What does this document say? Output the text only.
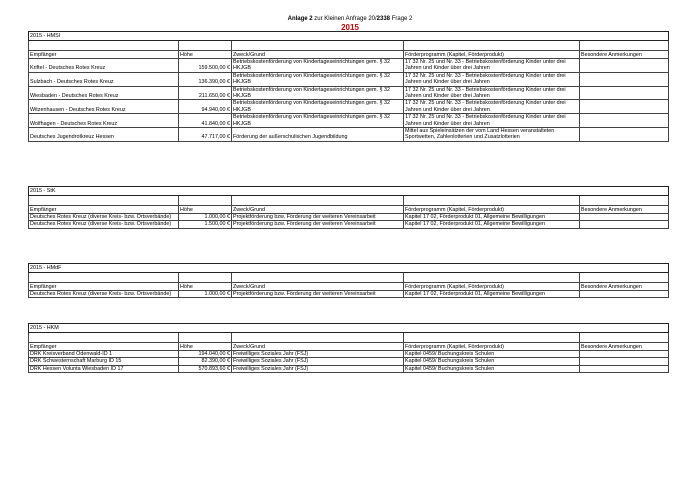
Anlage 2 zur Kleinen Anfrage 20/2338 Frage 2
2015
2015 - HMSI				

Empfänger	Höhe	Zweck/Grund	Förderprogramm (Kapitel, Förderprodukt)	Besondere Anmerkungen
Kriftel - Deutsches Rotes Kreuz	159.500,00 €	Betriebskostenförderung von Kindertageseinrichtungen gem. § 32 HKJGB	17 32 Nr. 25 und Nr. 33 - Betriebskostenförderung Kinder unter drei Jahren und Kinder über drei Jahren	
Sulzbach - Deutsches Rotes Kreuz	136.390,00 €	Betriebskostenförderung von Kindertageseinrichtungen gem. § 32 HKJGB	17 32 Nr. 25 und Nr. 33 - Betriebskostenförderung Kinder unter drei Jahren und Kinder über drei Jahren	
Wiesbaden - Deutsches Rotes Kreuz	211.650,00 €	Betriebskostenförderung von Kindertageseinrichtungen gem. § 32 HKJGB	17 32 Nr. 25 und Nr. 33 - Betriebskostenförderung Kinder unter drei Jahren und Kinder über drei Jahren	
Witzenhausen - Deutsches Rotes Kreuz	94.940,00 €	Betriebskostenförderung von Kindertageseinrichtungen gem. § 32 HKJGB	17 32 Nr. 25 und Nr. 33 - Betriebskostenförderung Kinder unter drei Jahren und Kinder über drei Jahren	
Wolfhagen - Deutsches Rotes Kreuz	41.840,00 €	Betriebskostenförderung von Kindertageseinrichtungen gem. § 32 HKJGB	17 32 Nr. 25 und Nr. 33 - Betriebskostenförderung Kinder unter drei Jahren und Kinder über drei Jahren	
Deutsches Jugendrotkreuz Hessen	47.717,00 €	Förderung der außerschulischen Jugendbildung	Mittel aus Spieleinsätzen der vom Land Hessen veranstalteten Sportwetten, Zahlenlotterien und Zusatzlotterien	
2015 - StK				

Empfänger	Höhe	Zweck/Grund	Förderprogramm (Kapitel, Förderprodukt)	Besondere Anmerkungen
Deutsches Rotes Kreuz (diverse Kreis- bzw. Ortsverbände)	1.000,00 €	Projektförderung bzw. Förderung der weiteren Vereinsarbeit	Kapitel 17 02, Förderprodukt 01, Allgemeine Bewilligungen	
Deutsches Rotes Kreuz (diverse Kreis- bzw. Ortsverbände)	1.500,00 €	Projektförderung bzw. Förderung der weiteren Vereinsarbeit	Kapitel 17 02, Förderprodukt 01, Allgemeine Bewilligungen	
2015 - HMdF				

Empfänger	Höhe	Zweck/Grund	Förderprogramm (Kapitel, Förderprodukt)	Besondere Anmerkungen
Deutsches Rotes Kreuz (diverse Kreis- bzw. Ortsverbände)	1.000,00 €	Projektförderung bzw. Förderung der weiteren Vereinsarbeit	Kapitel 17 02, Förderprodukt 01, Allgemeine Bewilligungen	
2015 - HKM				

Empfänger	Höhe	Zweck/Grund	Förderprogramm (Kapitel, Förderprodukt)	Besondere Anmerkungen
DRK Kreisverband Odenwald-ID 1	194.040,00 €	Freiwilliges Soziales Jahr (FSJ)	Kapitel 0459/ Buchungskreis Schulen	
DRK Schwesternschaft Marburg ID 15	82.390,00 €	Freiwilliges Soziales Jahr (FSJ)	Kapitel 0459/ Buchungskreis Schulen	
DRK Hessen Volunta Wiesbaden ID 17	570.893,60 €	Freiwilliges Soziales Jahr (FSJ)	Kapitel 0459/ Buchungskreis Schulen	
